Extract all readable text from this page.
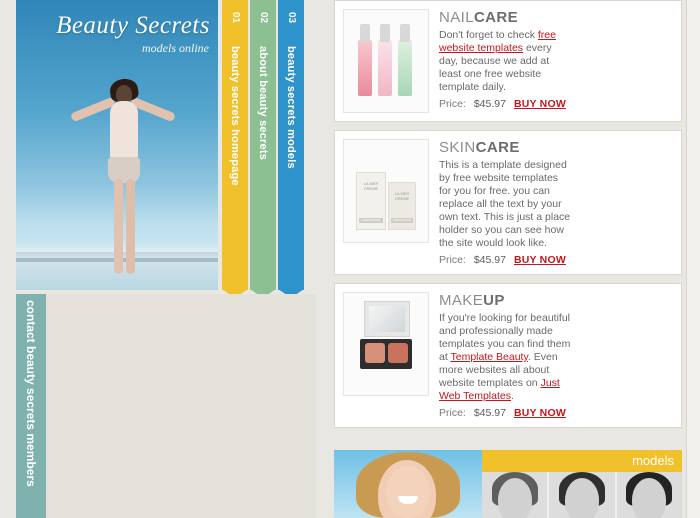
Beauty Secrets
models online
01
beauty secrets homepage
02
about beauty secrets
03
beauty secrets models
contact beauty secrets members
NAILCARE
Don't forget to check free website templates every day, because we add at least one free website template daily.
Price: $45.97 BUY NOW
LA MER CREME
CORPORATE
LA MER CREME
CORPORATE
SKINCARE
This is a template designed by free website templates for you for free. you can replace all the text by your own text. This is just a place holder so you can see how the site would look like.
Price: $45.97 BUY NOW
MAKEUP
If you're looking for beautiful and professionally made templates you can find them at Template Beauty. Even more websites all about website templates on Just Web Templates.
Price: $45.97 BUY NOW
models
